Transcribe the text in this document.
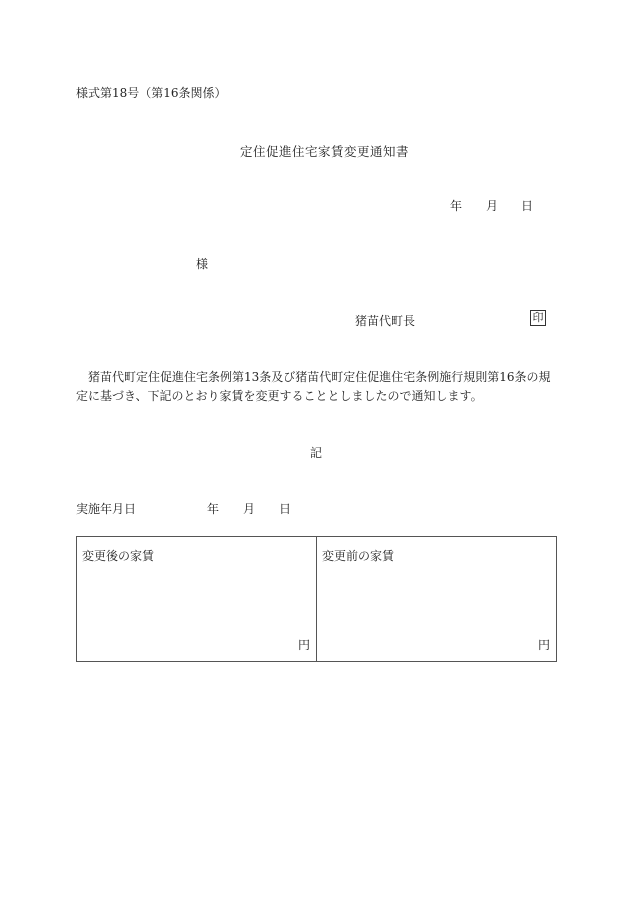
様式第18号（第16条関係）
定住促進住宅家賃変更通知書
年 月 日
様
猪苗代町長	印
猪苗代町定住促進住宅条例第13条及び猪苗代町定住促進住宅条例施行規則第16条の規定に基づき、下記のとおり家賃を変更することとしましたので通知します。
記
実施年月日	年 月 日
変更後の家賃
円
変更前の家賃
円
